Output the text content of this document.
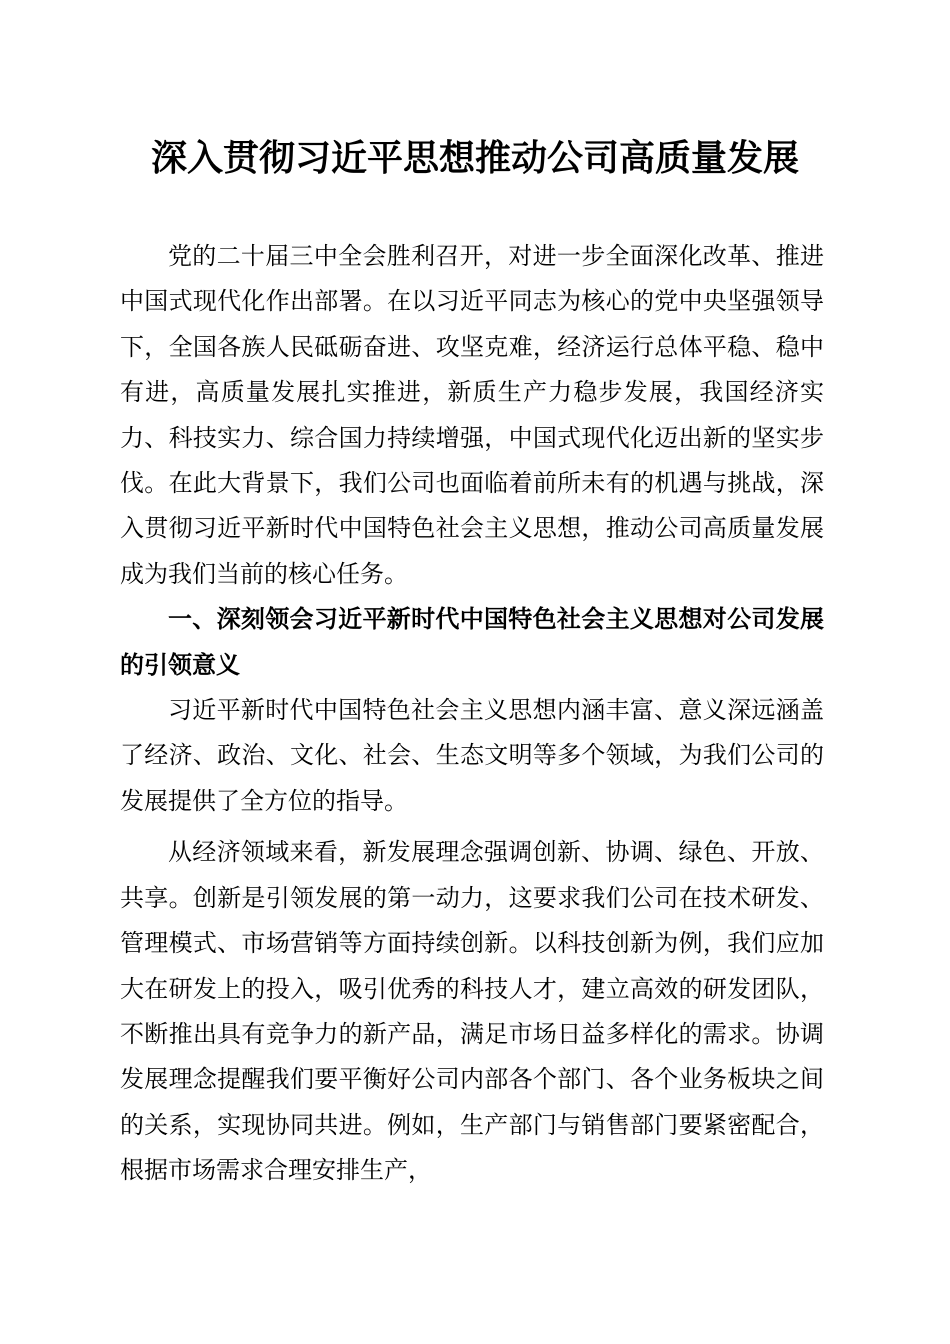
深入贯彻习近平思想推动公司高质量发展

党的二十届三中全会胜利召开，对进一步全面深化改革、推进中国式现代化作出部署。在以习近平同志为核心的党中央坚强领导下，全国各族人民砥砺奋进、攻坚克难，经济运行总体平稳、稳中有进，高质量发展扎实推进，新质生产力稳步发展，我国经济实力、科技实力、综合国力持续增强，中国式现代化迈出新的坚实步伐。在此大背景下，我们公司也面临着前所未有的机遇与挑战，深入贯彻习近平新时代中国特色社会主义思想，推动公司高质量发展成为我们当前的核心任务。

一、深刻领会习近平新时代中国特色社会主义思想对公司发展的引领意义

习近平新时代中国特色社会主义思想内涵丰富、意义深远涵盖了经济、政治、文化、社会、生态文明等多个领域，为我们公司的发展提供了全方位的指导。

从经济领域来看，新发展理念强调创新、协调、绿色、开放、共享。创新是引领发展的第一动力，这要求我们公司在技术研发、管理模式、市场营销等方面持续创新。以科技创新为例，我们应加大在研发上的投入，吸引优秀的科技人才，建立高效的研发团队，不断推出具有竞争力的新产品，满足市场日益多样化的需求。协调发展理念提醒我们要平衡好公司内部各个部门、各个业务板块之间的关系，实现协同共进。例如，生产部门与销售部门要紧密配合，根据市场需求合理安排生产，
